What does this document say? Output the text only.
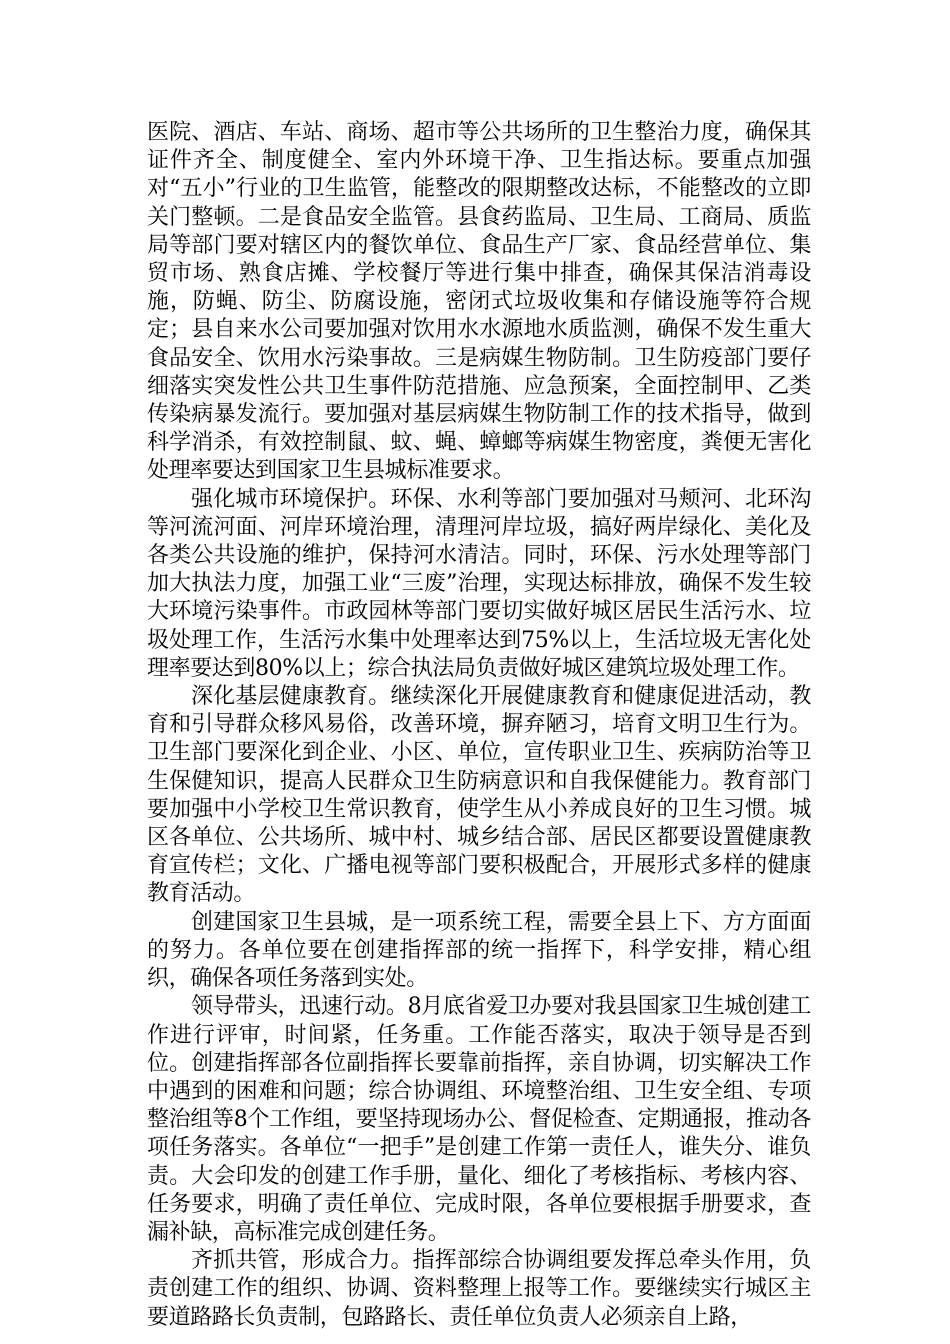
医院、酒店、车站、商场、超市等公共场所的卫生整治力度，确保其证件齐全、制度健全、室内外环境干净、卫生指达标。要重点加强对“五小”行业的卫生监管，能整改的限期整改达标，不能整改的立即关门整顿。二是食品安全监管。县食药监局、卫生局、工商局、质监局等部门要对辖区内的餐饮单位、食品生产厂家、食品经营单位、集贸市场、熟食店摊、学校餐厅等进行集中排查，确保其保洁消毒设施，防蝇、防尘、防腐设施，密闭式垃圾收集和存储设施等符合规定；县自来水公司要加强对饮用水水源地水质监测，确保不发生重大食品安全、饮用水污染事故。三是病媒生物防制。卫生防疫部门要仔细落实突发性公共卫生事件防范措施、应急预案，全面控制甲、乙类传染病暴发流行。要加强对基层病媒生物防制工作的技术指导，做到科学消杀，有效控制鼠、蚊、蝇、蟑螂等病媒生物密度，粪便无害化处理率要达到国家卫生县城标准要求。

强化城市环境保护。环保、水利等部门要加强对马颊河、北环沟等河流河面、河岸环境治理，清理河岸垃圾，搞好两岸绿化、美化及各类公共设施的维护，保持河水清洁。同时，环保、污水处理等部门加大执法力度，加强工业“三废”治理，实现达标排放，确保不发生较大环境污染事件。市政园林等部门要切实做好城区居民生活污水、垃圾处理工作，生活污水集中处理率达到75%以上，生活垃圾无害化处理率要达到80%以上；综合执法局负责做好城区建筑垃圾处理工作。

深化基层健康教育。继续深化开展健康教育和健康促进活动，教育和引导群众移风易俗，改善环境，摒弃陋习，培育文明卫生行为。卫生部门要深化到企业、小区、单位，宣传职业卫生、疾病防治等卫生保健知识，提高人民群众卫生防病意识和自我保健能力。教育部门要加强中小学校卫生常识教育，使学生从小养成良好的卫生习惯。城区各单位、公共场所、城中村、城乡结合部、居民区都要设置健康教育宣传栏；文化、广播电视等部门要积极配合，开展形式多样的健康教育活动。

创建国家卫生县城，是一项系统工程，需要全县上下、方方面面的努力。各单位要在创建指挥部的统一指挥下，科学安排，精心组织，确保各项任务落到实处。

领导带头，迅速行动。8月底省爱卫办要对我县国家卫生城创建工作进行评审，时间紧，任务重。工作能否落实，取决于领导是否到位。创建指挥部各位副指挥长要靠前指挥，亲自协调，切实解决工作中遇到的困难和问题；综合协调组、环境整治组、卫生安全组、专项整治组等8个工作组，要坚持现场办公、督促检查、定期通报，推动各项任务落实。各单位“一把手”是创建工作第一责任人，谁失分、谁负责。大会印发的创建工作手册，量化、细化了考核指标、考核内容、任务要求，明确了责任单位、完成时限，各单位要根据手册要求，查漏补缺，高标准完成创建任务。

齐抓共管，形成合力。指挥部综合协调组要发挥总牵头作用，负责创建工作的组织、协调、资料整理上报等工作。要继续实行城区主要道路路长负责制，包路路长、责任单位负责人必须亲自上路，
